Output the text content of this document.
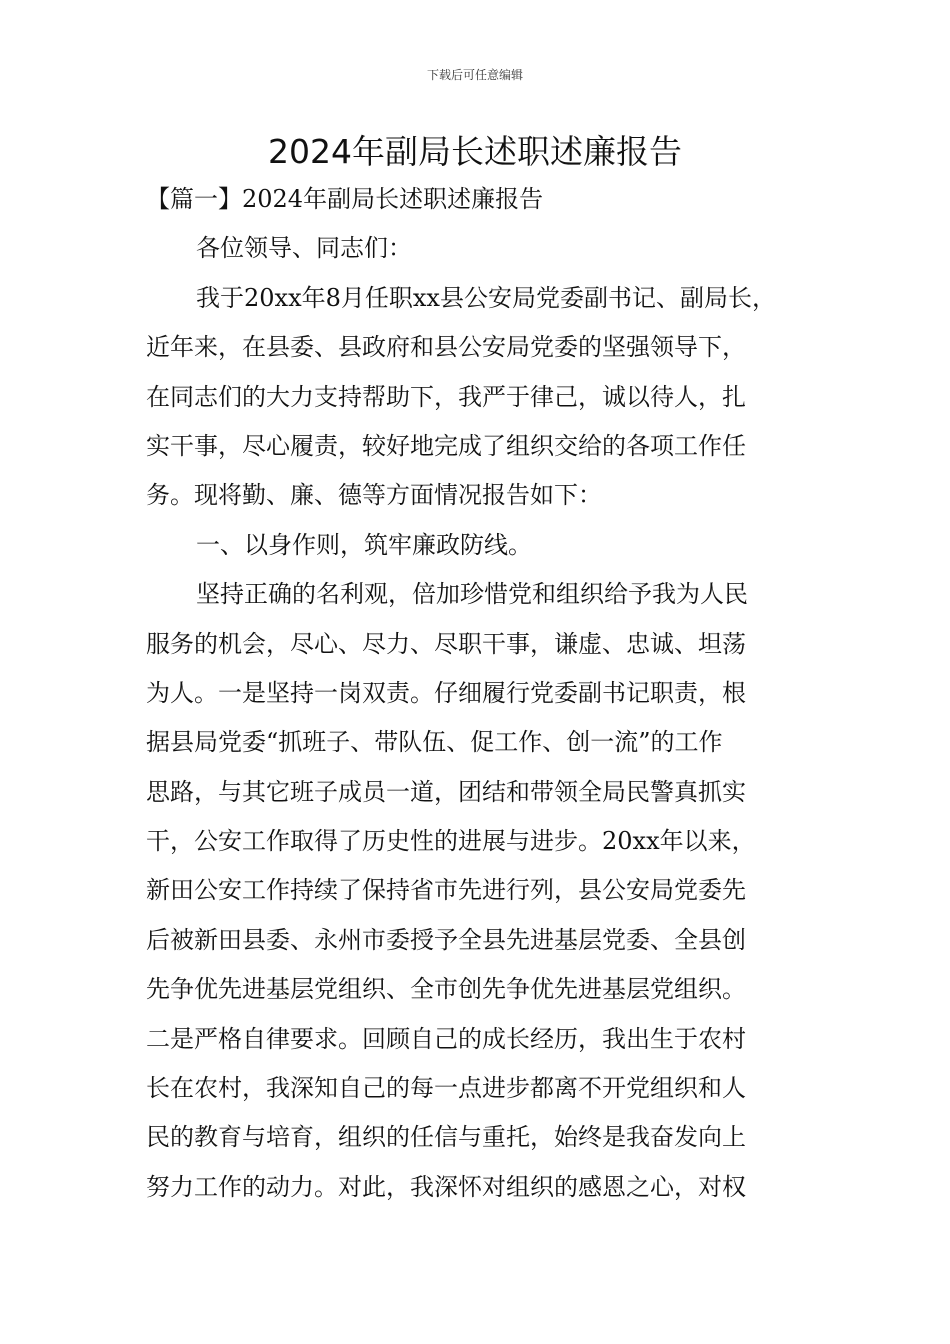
下载后可任意编辑
2024年副局长述职述廉报告
【篇一】2024年副局长述职述廉报告
各位领导、同志们：
我于20xx年8月任职xx县公安局党委副书记、副局长，
近年来，在县委、县政府和县公安局党委的坚强领导下，
在同志们的大力支持帮助下，我严于律己，诚以待人，扎
实干事，尽心履责，较好地完成了组织交给的各项工作任
务。现将勤、廉、德等方面情况报告如下：
一、以身作则，筑牢廉政防线。
坚持正确的名利观，倍加珍惜党和组织给予我为人民
服务的机会，尽心、尽力、尽职干事，谦虚、忠诚、坦荡
为人。一是坚持一岗双责。仔细履行党委副书记职责，根
据县局党委“抓班子、带队伍、促工作、创一流”的工作
思路，与其它班子成员一道，团结和带领全局民警真抓实
干，公安工作取得了历史性的进展与进步。20xx年以来，
新田公安工作持续了保持省市先进行列，县公安局党委先
后被新田县委、永州市委授予全县先进基层党委、全县创
先争优先进基层党组织、全市创先争优先进基层党组织。
二是严格自律要求。回顾自己的成长经历，我出生于农村
长在农村，我深知自己的每一点进步都离不开党组织和人
民的教育与培育，组织的任信与重托，始终是我奋发向上
努力工作的动力。对此，我深怀对组织的感恩之心，对权
